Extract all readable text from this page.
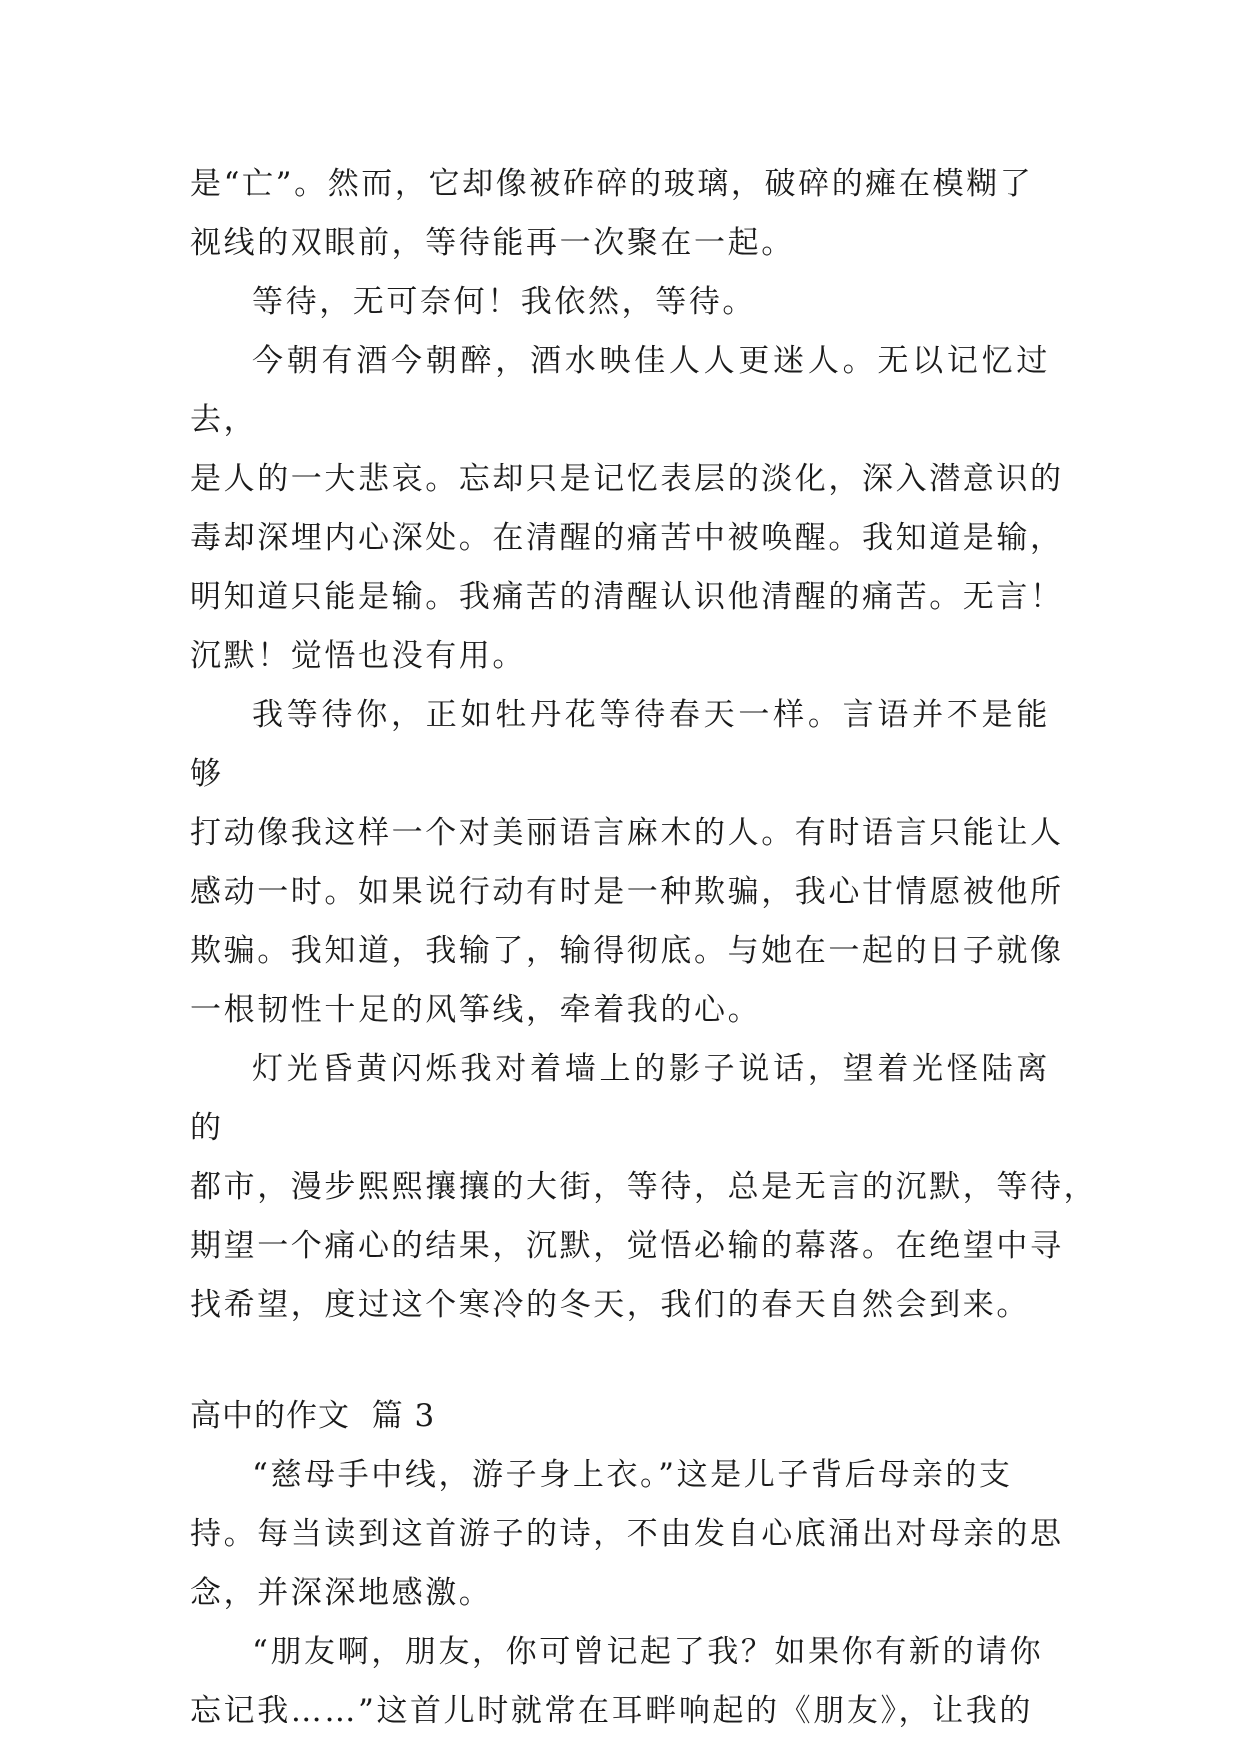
是“亡”。然而，它却像被砟碎的玻璃，破碎的瘫在模糊了
视线的双眼前，等待能再一次聚在一起。

等待，无可奈何！我依然，等待。

今朝有酒今朝醉，酒水映佳人人更迷人。无以记忆过去，

是人的一大悲哀。忘却只是记忆表层的淡化，深入潜意识的
毒却深埋内心深处。在清醒的痛苦中被唤醒。我知道是输，
明知道只能是输。我痛苦的清醒认识他清醒的痛苦。无言！
沉默！觉悟也没有用。

我等待你，正如牡丹花等待春天一样。言语并不是能够

打动像我这样一个对美丽语言麻木的人。有时语言只能让人
感动一时。如果说行动有时是一种欺骗，我心甘情愿被他所
欺骗。我知道，我输了，输得彻底。与她在一起的日子就像
一根韧性十足的风筝线，牵着我的心。

灯光昏黄闪烁我对着墙上的影子说话，望着光怪陆离的

都市，漫步熙熙攘攘的大街，等待，总是无言的沉默，等待，
期望一个痛心的结果，沉默，觉悟必输的幕落。在绝望中寻
找希望，度过这个寒冷的冬天，我们的春天自然会到来。

高中的作文  篇 3

“慈母手中线，游子身上衣。”这是儿子背后母亲的支

持。每当读到这首游子的诗，不由发自心底涌出对母亲的思
念，并深深地感激。

“朋友啊，朋友，你可曾记起了我？如果你有新的请你

忘记我……”这首儿时就常在耳畔响起的《朋友》，让我的
